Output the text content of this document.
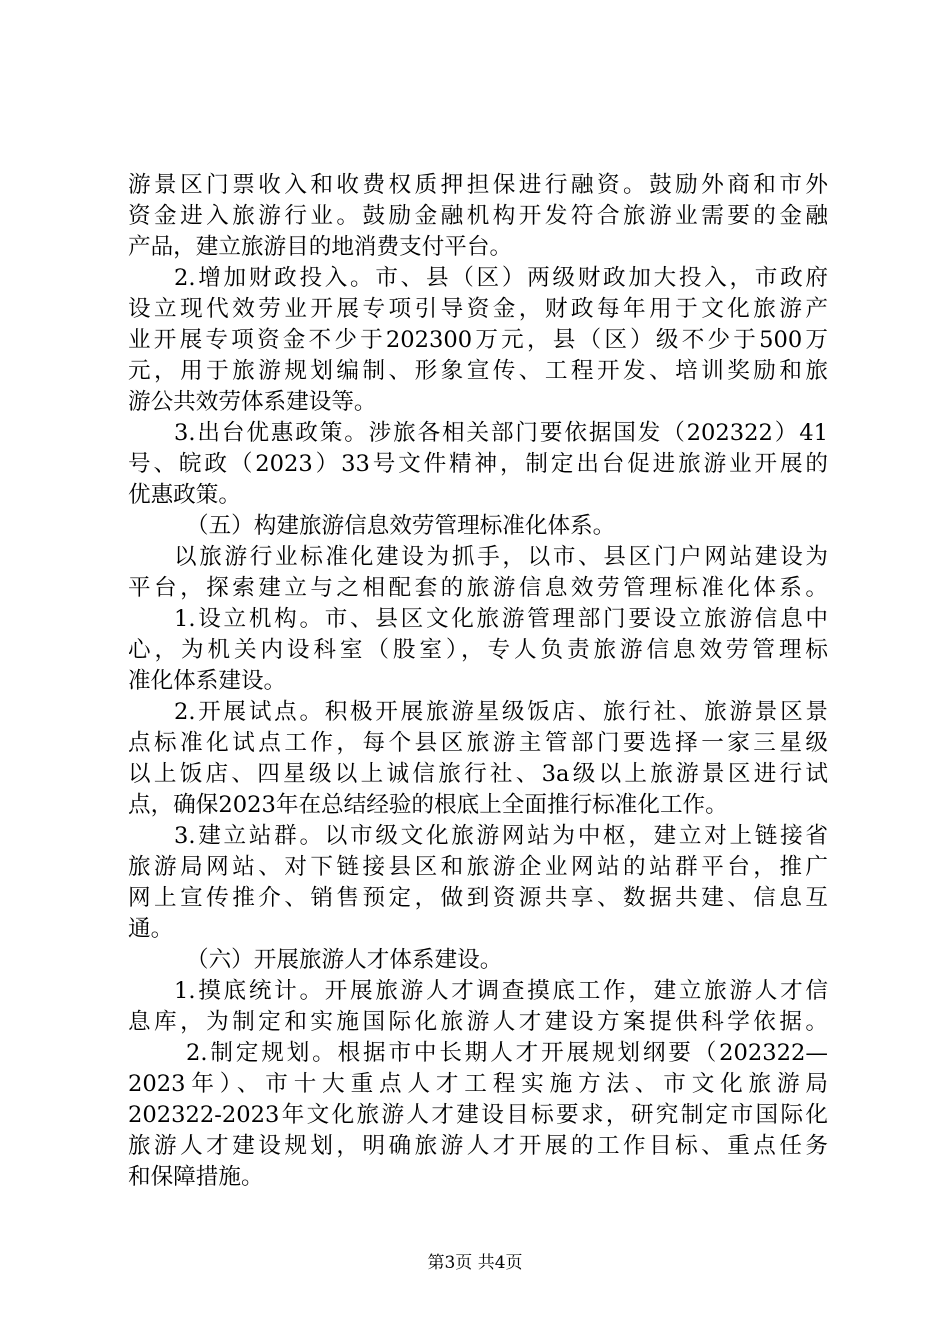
游景区门票收入和收费权质押担保进行融资。鼓励外商和市外
资金进入旅游行业。鼓励金融机构开发符合旅游业需要的金融
产品，建立旅游目的地消费支付平台。
2.增加财政投入。市、县（区）两级财政加大投入，市政府
设立现代效劳业开展专项引导资金，财政每年用于文化旅游产
业开展专项资金不少于202300万元，县（区）级不少于500万
元，用于旅游规划编制、形象宣传、工程开发、培训奖励和旅
游公共效劳体系建设等。
3.出台优惠政策。涉旅各相关部门要依据国发（202322）41
号、皖政（2023）33号文件精神，制定出台促进旅游业开展的
优惠政策。
（五）构建旅游信息效劳管理标准化体系。
以旅游行业标准化建设为抓手，以市、县区门户网站建设为
平台，探索建立与之相配套的旅游信息效劳管理标准化体系。
1.设立机构。市、县区文化旅游管理部门要设立旅游信息中
心，为机关内设科室（股室），专人负责旅游信息效劳管理标
准化体系建设。
2.开展试点。积极开展旅游星级饭店、旅行社、旅游景区景
点标准化试点工作，每个县区旅游主管部门要选择一家三星级
以上饭店、四星级以上诚信旅行社、3a级以上旅游景区进行试
点，确保2023年在总结经验的根底上全面推行标准化工作。
3.建立站群。以市级文化旅游网站为中枢，建立对上链接省
旅游局网站、对下链接县区和旅游企业网站的站群平台，推广
网上宣传推介、销售预定，做到资源共享、数据共建、信息互
通。
（六）开展旅游人才体系建设。
1.摸底统计。开展旅游人才调查摸底工作，建立旅游人才信
息库，为制定和实施国际化旅游人才建设方案提供科学依据。
2.制定规划。根据市中长期人才开展规划纲要（202322—
2023年）、市十大重点人才工程实施方法、市文化旅游局
202322-2023年文化旅游人才建设目标要求，研究制定市国际化
旅游人才建设规划，明确旅游人才开展的工作目标、重点任务
和保障措施。
第3页 共4页
